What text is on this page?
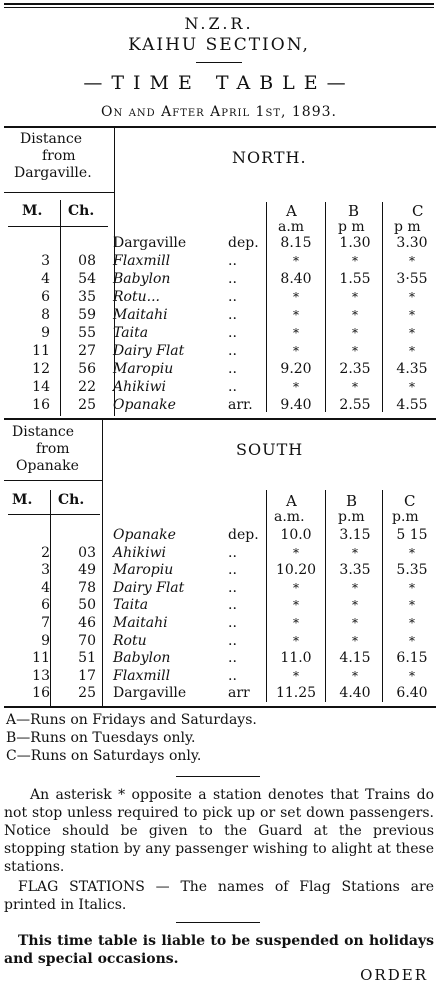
N.Z.R.
KAIHU SECTION,
—TIME TABLE—
On and After April 1st, 1893.
Distance
from
Dargaville.
NORTH.
M. Ch.	A	B	C
a.m p m p m
Dargaville	dep.	8.15	1.30	3.30
3	08 Flaxmill	..	*	*	*
4	54 Babylon	..	8.40	1.55	3·55
6	35 Rotu...	..	*	*	*
8	59 Maitahi	..	*	*	*
9	55 Taita	..	*	*	*
11	27 Dairy Flat	..	*	*	*
12	56 Maropiu	..	9.20	2.35	4.35
14	22 Ahikiwi	..	*	*	*
16	25 Opanake	arr.	9.40	2.55	4.55
Distance
from
Opanake
SOUTH
M. Ch.	A	B	C
a.m. p.m p.m
Opanake	dep.	10.0	3.15	5 15
2	03 Ahikiwi	..	*	*	*
3	49 Maropiu	..	10.20	3.35	5.35
4	78 Dairy Flat	..	*	*	*
6	50 Taita	..	*	*	*
7	46 Maitahi	..	*	*	*
9	70 Rotu	..	*	*	*
11	51 Babylon	..	11.0	4.15	6.15
13	17 Flaxmill	..	*	*	*
16	25 Dargaville	arr	11.25	4.40	6.40
A—Runs on Fridays and Saturdays.
B—Runs on Tuesdays only.
C—Runs on Saturdays only.
An asterisk * opposite a station denotes that Trains do not stop unless required to pick up or set down passengers. Notice should be given to the Guard at the previous stopping station by any passenger wishing to alight at these stations.
FLAG STATIONS — The names of Flag Stations are printed in Italics.
This time table is liable to be suspended on holidays and special occasions.
ORDER
